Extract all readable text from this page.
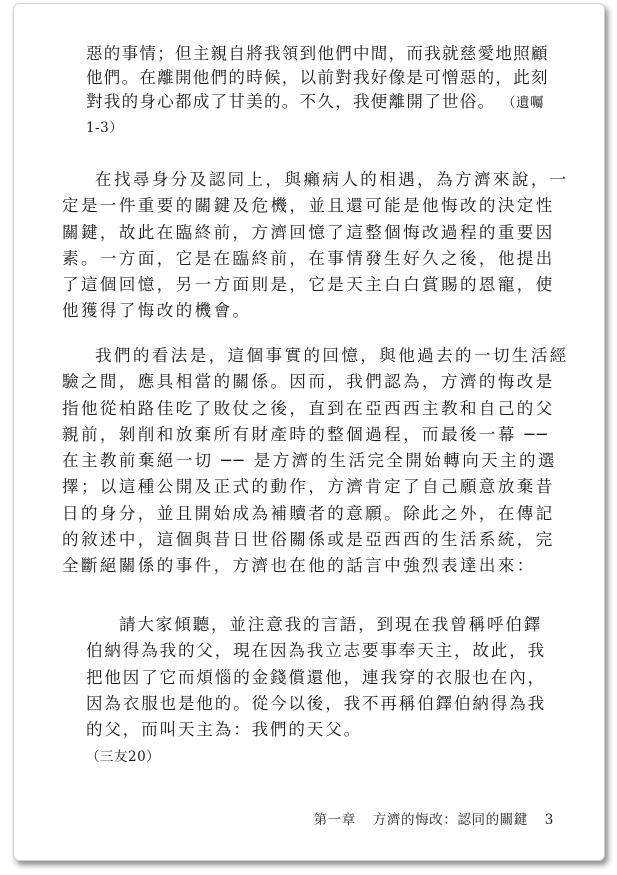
惡的事情；但主親自將我領到他們中間，而我就慈愛地照顧他們。在離開他們的時候，以前對我好像是可憎惡的，此刻對我的身心都成了甘美的。不久，我便離開了世俗。 （遺囑1-3）
在找尋身分及認同上，與癩病人的相遇，為方濟來說，一定是一件重要的關鍵及危機，並且還可能是他悔改的決定性關鍵，故此在臨終前，方濟回憶了這整個悔改過程的重要因素。一方面，它是在臨終前，在事情發生好久之後，他提出了這個回憶，另一方面則是，它是天主白白賞賜的恩寵，使他獲得了悔改的機會。
我們的看法是，這個事實的回憶，與他過去的一切生活經驗之間，應具相當的關係。因而，我們認為，方濟的悔改是指他從柏路佳吃了敗仗之後，直到在亞西西主教和自己的父親前，剝削和放棄所有財產時的整個過程，而最後一幕 ── 在主教前棄絕一切 ── 是方濟的生活完全開始轉向天主的選擇；以這種公開及正式的動作，方濟肯定了自己願意放棄昔日的身分，並且開始成為補贖者的意願。除此之外，在傳記的敘述中，這個與昔日世俗關係或是亞西西的生活系統，完全斷絕關係的事件，方濟也在他的話言中強烈表達出來：
請大家傾聽，並注意我的言語，到現在我曾稱呼伯鐸伯納得為我的父，現在因為我立志要事奉天主，故此，我把他因了它而煩惱的金錢償還他，連我穿的衣服也在內，因為衣服也是他的。從今以後，我不再稱伯鐸伯納得為我的父，而叫天主為：我們的天父。
（三友20）
第一章 方濟的悔改：認同的關鍵 3
